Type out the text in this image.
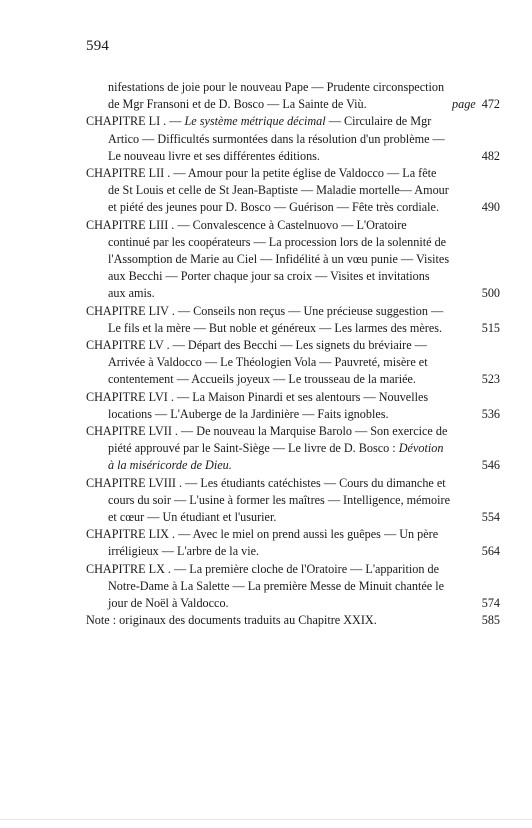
594
nifestations de joie pour le nouveau Pape — Prudente circonspection de Mgr Fransoni et de D. Bosco — La Sainte de Viù.	page 472
CHAPITRE LI . — Le système métrique décimal — Circulaire de Mgr Artico — Difficultés surmontées dans la résolution d'un problème — Le nouveau livre et ses différentes éditions.	482
CHAPITRE LII . — Amour pour la petite église de Valdocco — La fête de St Louis et celle de St Jean-Baptiste — Maladie mortelle— Amour et piété des jeunes pour D. Bosco — Guérison — Fête très cordiale.	490
CHAPITRE LIII . — Convalescence à Castelnuovo — L'Oratoire continué par les coopérateurs — La procession lors de la solennité de l'Assomption de Marie au Ciel — Infidélité à un vœu punie — Visites aux Becchi — Porter chaque jour sa croix — Visites et invitations aux amis.	500
CHAPITRE LIV . — Conseils non reçus — Une précieuse suggestion — Le fils et la mère — But noble et généreux — Les larmes des mères.	515
CHAPITRE LV . — Départ des Becchi — Les signets du bréviaire — Arrivée à Valdocco — Le Théologien Vola — Pauvreté, misère et contentement — Accueils joyeux — Le trousseau de la mariée.	523
CHAPITRE LVI . — La Maison Pinardi et ses alentours — Nouvelles locations — L'Auberge de la Jardinière — Faits ignobles.	536
CHAPITRE LVII . — De nouveau la Marquise Barolo — Son exercice de piété approuvé par le Saint-Siège — Le livre de D. Bosco : Dévotion à la miséricorde de Dieu.	546
CHAPITRE LVIII . — Les étudiants catéchistes — Cours du dimanche et cours du soir — L'usine à former les maîtres — Intelligence, mémoire et cœur — Un étudiant et l'usurier.	554
CHAPITRE LIX . — Avec le miel on prend aussi les guêpes — Un père irréligieux — L'arbre de la vie.	564
CHAPITRE LX . — La première cloche de l'Oratoire — L'apparition de Notre-Dame à La Salette — La première Messe de Minuit chantée le jour de Noël à Valdocco.	574
Note : originaux des documents traduits au Chapitre XXIX.	585
